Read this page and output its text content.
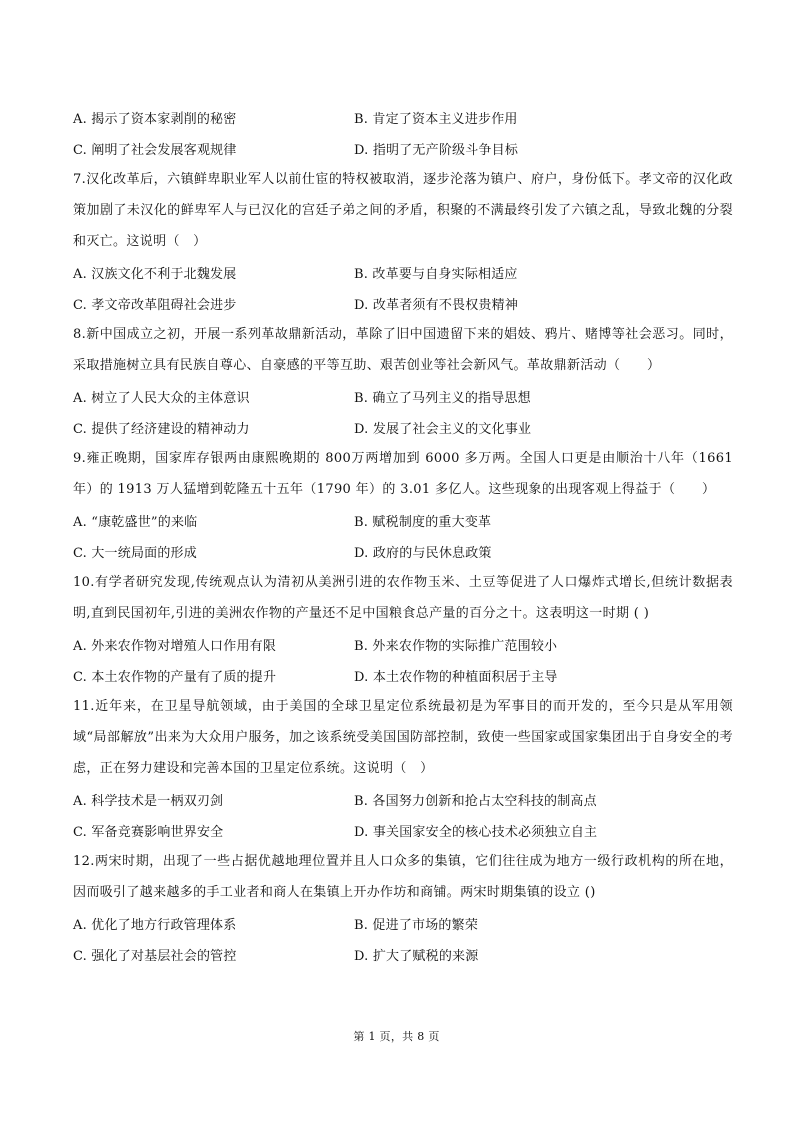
A. 揭示了资本家剥削的秘密	B. 肯定了资本主义进步作用
C. 阐明了社会发展客观规律	D. 指明了无产阶级斗争目标

7.汉化改革后，六镇鲜卑职业军人以前仕宦的特权被取消，逐步沦落为镇户、府户，身份低下。孝文帝的汉化政策加剧了未汉化的鲜卑军人与已汉化的宫廷子弟之间的矛盾，积聚的不满最终引发了六镇之乱，导致北魏的分裂和灭亡。这说明（　）

A. 汉族文化不利于北魏发展	B. 改革要与自身实际相适应
C. 孝文帝改革阻碍社会进步	D. 改革者须有不畏权贵精神

8.新中国成立之初，开展一系列革故鼎新活动，革除了旧中国遗留下来的娼妓、鸦片、赌博等社会恶习。同时，采取措施树立具有民族自尊心、自豪感的平等互助、艰苦创业等社会新风气。革故鼎新活动（　　）

A. 树立了人民大众的主体意识	B. 确立了马列主义的指导思想
C. 提供了经济建设的精神动力	D. 发展了社会主义的文化事业

9.雍正晚期，国家库存银两由康熙晚期的 800万两增加到 6000 多万两。全国人口更是由顺治十八年（1661年）的 1913 万人猛增到乾隆五十五年（1790 年）的 3.01 多亿人。这些现象的出现客观上得益于（　　）

A. “康乾盛世”的来临	B. 赋税制度的重大变革
C. 大一统局面的形成	D. 政府的与民休息政策

10.有学者研究发现,传统观点认为清初从美洲引进的农作物玉米、土豆等促进了人口爆炸式增长,但统计数据表明,直到民国初年,引进的美洲农作物的产量还不足中国粮食总产量的百分之十。这表明这一时期 ( )

A. 外来农作物对增殖人口作用有限	B. 外来农作物的实际推广范围较小
C. 本土农作物的产量有了质的提升	D. 本土农作物的种植面积居于主导

11.近年来，在卫星导航领域，由于美国的全球卫星定位系统最初是为军事目的而开发的，至今只是从军用领域“局部解放”出来为大众用户服务，加之该系统受美国国防部控制，致使一些国家或国家集团出于自身安全的考虑，正在努力建设和完善本国的卫星定位系统。这说明（　）

A. 科学技术是一柄双刃剑	B. 各国努力创新和抢占太空科技的制高点
C. 军备竞赛影响世界安全	D. 事关国家安全的核心技术必须独立自主

12.两宋时期，出现了一些占据优越地理位置并且人口众多的集镇，它们往往成为地方一级行政机构的所在地，因而吸引了越来越多的手工业者和商人在集镇上开办作坊和商铺。两宋时期集镇的设立 ()

A. 优化了地方行政管理体系	B. 促进了市场的繁荣
C. 强化了对基层社会的管控	D. 扩大了赋税的来源
第 1 页，共 8 页
